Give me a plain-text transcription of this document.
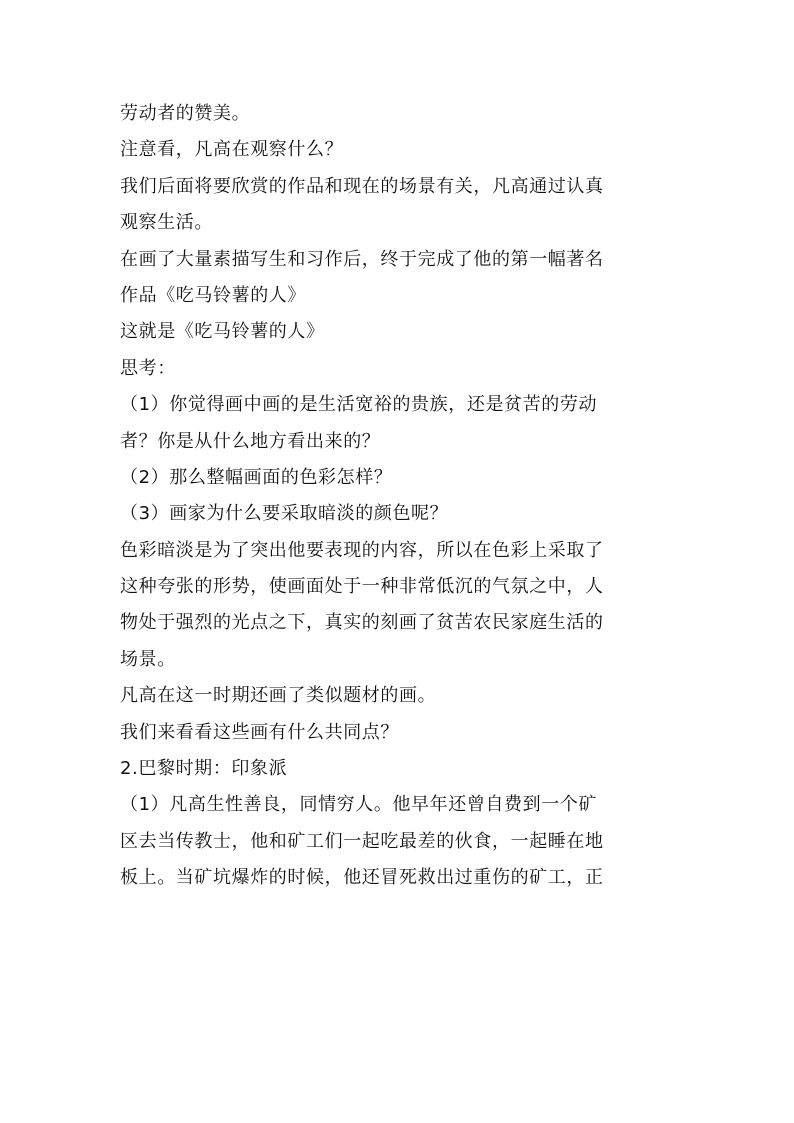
劳动者的赞美。
注意看，凡高在观察什么？
我们后面将要欣赏的作品和现在的场景有关，凡高通过认真
观察生活。
在画了大量素描写生和习作后，终于完成了他的第一幅著名
作品《吃马铃薯的人》
这就是《吃马铃薯的人》
思考：
（1）你觉得画中画的是生活宽裕的贵族，还是贫苦的劳动
者？你是从什么地方看出来的？
（2）那么整幅画面的色彩怎样？
（3）画家为什么要采取暗淡的颜色呢？
色彩暗淡是为了突出他要表现的内容，所以在色彩上采取了
这种夸张的形势，使画面处于一种非常低沉的气氛之中，人
物处于强烈的光点之下，真实的刻画了贫苦农民家庭生活的
场景。
凡高在这一时期还画了类似题材的画。
我们来看看这些画有什么共同点？
2.巴黎时期：印象派
（1）凡高生性善良，同情穷人。他早年还曾自费到一个矿
区去当传教士，他和矿工们一起吃最差的伙食，一起睡在地
板上。当矿坑爆炸的时候，他还冒死救出过重伤的矿工，正
